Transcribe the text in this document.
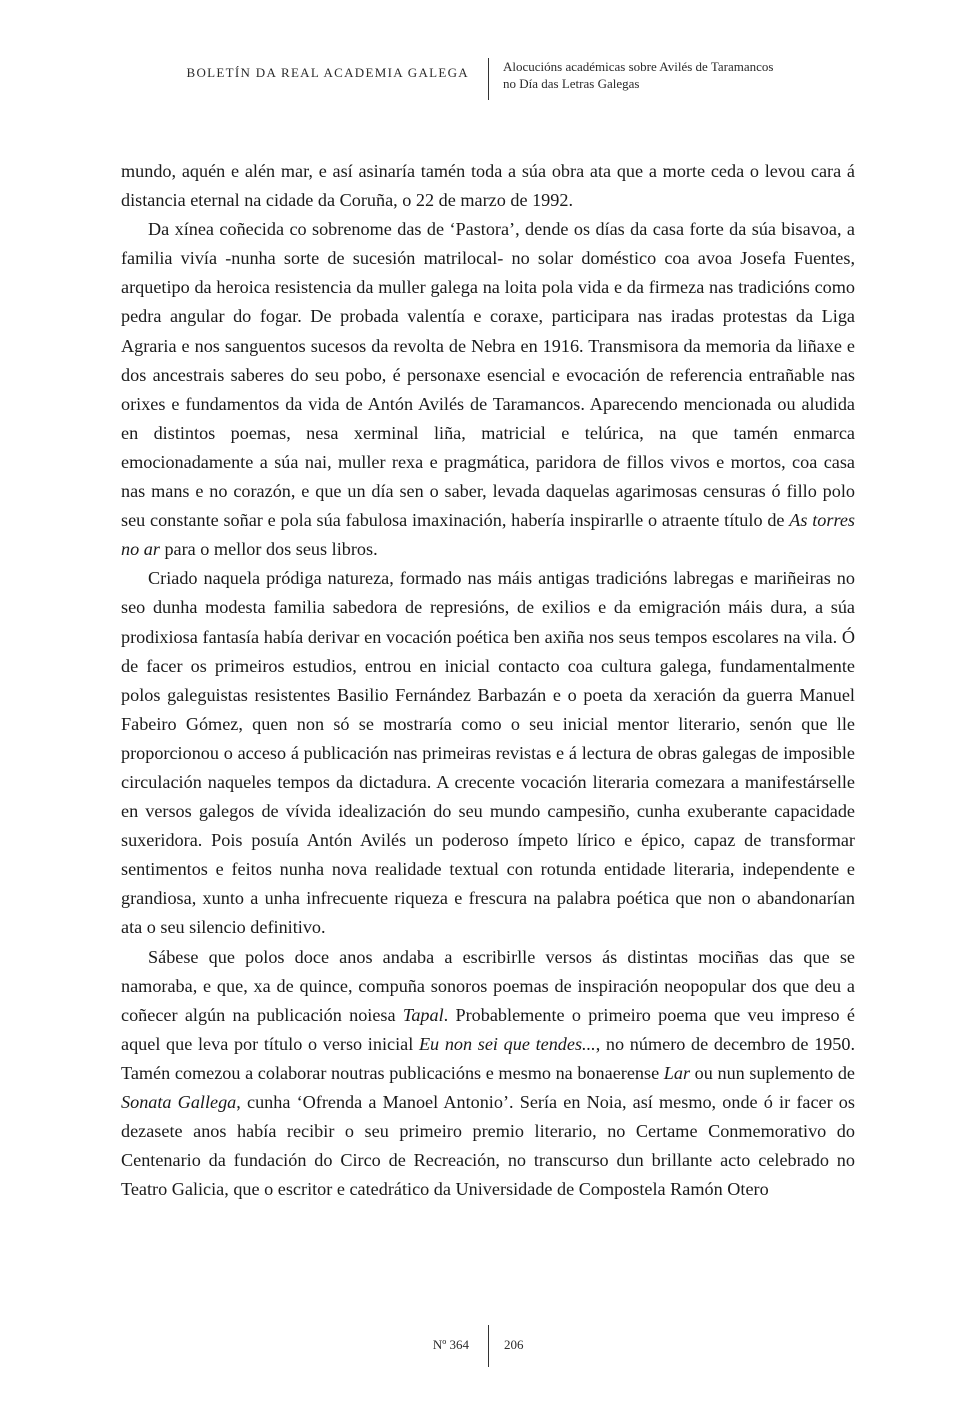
BOLETÍN DA REAL ACADEMIA GALEGA	Alocucións académicas sobre Avilés de Taramancos
no Día das Letras Galegas

mundo, aquén e alén mar, e así asinaría tamén toda a súa obra ata que a morte ceda o levou cara á distancia eternal na cidade da Coruña, o 22 de marzo de 1992.

Da xínea coñecida co sobrenome das de ‘Pastora’, dende os días da casa forte da súa bisavoa, a familia vivía -nunha sorte de sucesión matrilocal- no solar doméstico coa avoa Josefa Fuentes, arquetipo da heroica resistencia da muller galega na loita pola vida e da firmeza nas tradicións como pedra angular do fogar. De probada valentía e coraxe, participara nas iradas protestas da Liga Agraria e nos sanguentos sucesos da revolta de Nebra en 1916. Transmisora da memoria da liñaxe e dos ancestrais saberes do seu pobo, é personaxe esencial e evocación de referencia entrañable nas orixes e fundamentos da vida de Antón Avilés de Taramancos. Aparecendo mencionada ou aludida en distintos poemas, nesa xerminal liña, matricial e telúrica, na que tamén enmarca emocionadamente a súa nai, muller rexa e pragmática, paridora de fillos vivos e mortos, coa casa nas mans e no corazón, e que un día sen o saber, levada daquelas agarimosas censuras ó fillo polo seu constante soñar e pola súa fabulosa imaxinación, habería inspirarlle o atraente título de As torres no ar para o mellor dos seus libros.

Criado naquela pródiga natureza, formado nas máis antigas tradicións labregas e mariñeiras no seo dunha modesta familia sabedora de represións, de exilios e da emigración máis dura, a súa prodixiosa fantasía había derivar en vocación poética ben axiña nos seus tempos escolares na vila. Ó de facer os primeiros estudios, entrou en inicial contacto coa cultura galega, fundamentalmente polos galeguistas resistentes Basilio Fernández Barbazán e o poeta da xeración da guerra Manuel Fabeiro Gómez, quen non só se mostraría como o seu inicial mentor literario, senón que lle proporcionou o acceso á publicación nas primeiras revistas e á lectura de obras galegas de imposible circulación naqueles tempos da dictadura. A crecente vocación literaria comezara a manifestárselle en versos galegos de vívida idealización do seu mundo campesiño, cunha exuberante capacidade suxeridora. Pois posuía Antón Avilés un poderoso ímpeto lírico e épico, capaz de transformar sentimentos e feitos nunha nova realidade textual con rotunda entidade literaria, independente e grandiosa, xunto a unha infrecuente riqueza e frescura na palabra poética que non o abandonarían ata o seu silencio definitivo.

Sábese que polos doce anos andaba a escribirlle versos ás distintas mociñas das que se namoraba, e que, xa de quince, compuña sonoros poemas de inspiración neopopular dos que deu a coñecer algún na publicación noiesa Tapal. Probablemente o primeiro poema que veu impreso é aquel que leva por título o verso inicial Eu non sei que tendes..., no número de decembro de 1950. Tamén comezou a colaborar noutras publicacións e mesmo na bonaerense Lar ou nun suplemento de Sonata Gallega, cunha ‘Ofrenda a Manoel Antonio’. Sería en Noia, así mesmo, onde ó ir facer os dezasete anos había recibir o seu primeiro premio literario, no Certame Conmemorativo do Centenario da fundación do Circo de Recreación, no transcurso dun brillante acto celebrado no Teatro Galicia, que o escritor e catedrático da Universidade de Compostela Ramón Otero

Nº 364	206
